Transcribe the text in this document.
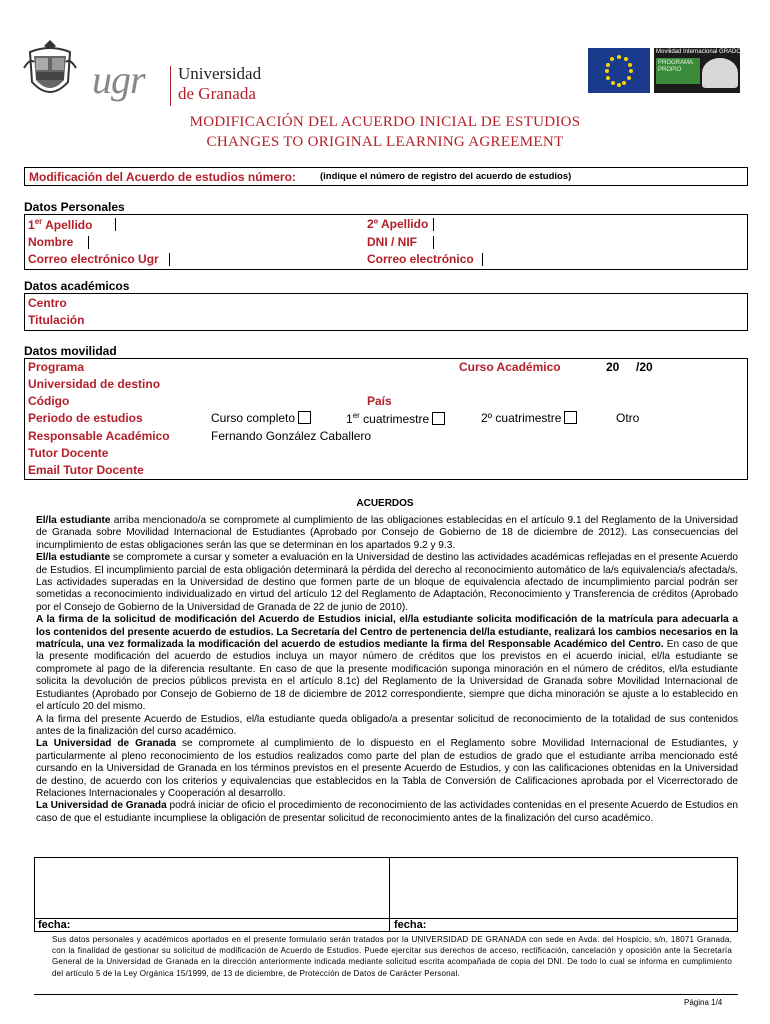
ugr Universidad
de Granada
Movilidad Internacional GRADO
PROGRAMA PROPIO
MODIFICACIÓN DEL ACUERDO INICIAL DE ESTUDIOS
CHANGES TO ORIGINAL LEARNING AGREEMENT
Modificación del Acuerdo de estudios número:	(indique el número de registro del acuerdo de estudios)
Datos Personales
1er Apellido	2º Apellido
Nombre	DNI / NIF
Correo electrónico Ugr	Correo electrónico
Datos académicos
Centro
Titulación
Datos movilidad
Programa	Curso Académico	20 /20
Universidad de destino
Código	País
Periodo de estudios	Curso completo	1er cuatrimestre	2º cuatrimestre	Otro
Responsable Académico	Fernando González Caballero
Tutor Docente
Email Tutor Docente
ACUERDOS

El/la estudiante arriba mencionado/a se compromete al cumplimiento de las obligaciones establecidas en el artículo 9.1 del Reglamento de la Universidad de Granada sobre Movilidad Internacional de Estudiantes (Aprobado por Consejo de Gobierno de 18 de diciembre de 2012). Las consecuencias del incumplimiento de estas obligaciones serán las que se determinan en los apartados 9.2 y 9.3.

El/la estudiante se compromete a cursar y someter a evaluación en la Universidad de destino las actividades académicas reflejadas en el presente Acuerdo de Estudios. El incumplimiento parcial de esta obligación determinará la pérdida del derecho al reconocimiento automático de la/s equivalencia/s afectada/s. Las actividades superadas en la Universidad de destino que formen parte de un bloque de equivalencia afectado de incumplimiento parcial podrán ser sometidas a reconocimiento individualizado en virtud del artículo 12 del Reglamento de Adaptación, Reconocimiento y Transferencia de créditos (Aprobado por el Consejo de Gobierno de la Universidad de Granada de 22 de junio de 2010).

A la firma de la solicitud de modificación del Acuerdo de Estudios inicial, el/la estudiante solicita modificación de la matrícula para adecuarla a los contenidos del presente acuerdo de estudios. La Secretaría del Centro de pertenencia del/la estudiante, realizará los cambios necesarios en la matrícula, una vez formalizada la modificación del acuerdo de estudios mediante la firma del Responsable Académico del Centro. En caso de que la presente modificación del acuerdo de estudios incluya un mayor número de créditos que los previstos en el acuerdo inicial, el/la estudiante se compromete al pago de la diferencia resultante. En caso de que la presente modificación suponga minoración en el número de créditos, el/la estudiante solicita la devolución de precios públicos prevista en el artículo 8.1c) del Reglamento de la Universidad de Granada sobre Movilidad Internacional de Estudiantes (Aprobado por Consejo de Gobierno de 18 de diciembre de 2012 correspondiente, siempre que dicha minoración se ajuste a lo establecido en el artículo 20 del mismo.

A la firma del presente Acuerdo de Estudios, el/la estudiante queda obligado/a a presentar solicitud de reconocimiento de la totalidad de sus contenidos antes de la finalización del curso académico.

La Universidad de Granada se compromete al cumplimiento de lo dispuesto en el Reglamento sobre Movilidad Internacional de Estudiantes, y particularmente al pleno reconocimiento de los estudios realizados como parte del plan de estudios de grado que el estudiante arriba mencionado esté cursando en la Universidad de Granada en los términos previstos en el presente Acuerdo de Estudios, y con las calificaciones obtenidas en la Universidad de destino, de acuerdo con los criterios y equivalencias que establecidos en la Tabla de Conversión de Calificaciones aprobada por el Vicerrectorado de Relaciones Internacionales y Cooperación al desarrollo.

La Universidad de Granada podrá iniciar de oficio el procedimiento de reconocimiento de las actividades contenidas en el presente Acuerdo de Estudios en caso de que el estudiante incumpliese la obligación de presentar solicitud de reconocimiento antes de la finalización del curso académico.

fecha:	fecha:
Sus datos personales y académicos aportados en el presente formulario serán tratados por la UNIVERSIDAD DE GRANADA con sede en Avda. del Hospicio, s/n, 18071 Granada, con la finalidad de gestionar su solicitud de modificación de Acuerdo de Estudios. Puede ejercitar sus derechos de acceso, rectificación, cancelación y oposición ante la Secretaría General de la Universidad de Granada en la dirección anteriormente indicada mediante solicitud escrita acompañada de copia del DNI. De todo lo cual se informa en cumplimiento del artículo 5 de la Ley Orgánica 15/1999, de 13 de diciembre, de Protección de Datos de Carácter Personal.
Página 1/4
